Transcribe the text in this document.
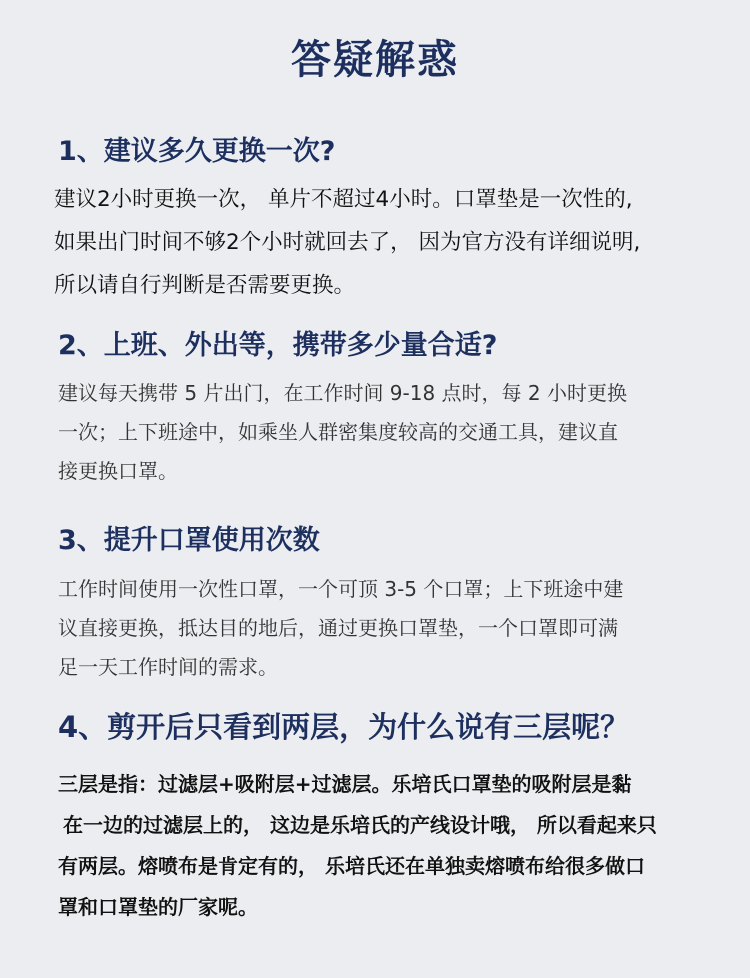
答疑解惑
1、建议多久更换一次?
建议2小时更换一次， 单片不超过4小时。口罩垫是一次性的,
如果出门时间不够2个小时就回去了， 因为官方没有详细说明,
所以请自行判断是否需要更换。
2、上班、外出等，携带多少量合适?
建议每天携带 5 片出门，在工作时间 9-18 点时，每 2 小时更换
一次；上下班途中，如乘坐人群密集度较高的交通工具，建议直
接更换口罩。
3、提升口罩使用次数
工作时间使用一次性口罩，一个可顶 3-5 个口罩；上下班途中建
议直接更换，抵达目的地后，通过更换口罩垫，一个口罩即可满
足一天工作时间的需求。
4、剪开后只看到两层，为什么说有三层呢？
三层是指：过滤层+吸附层+过滤层。乐培氏口罩垫的吸附层是黏
在一边的过滤层上的， 这边是乐培氏的产线设计哦， 所以看起来只
有两层。熔喷布是肯定有的， 乐培氏还在单独卖熔喷布给很多做口
罩和口罩垫的厂家呢。
